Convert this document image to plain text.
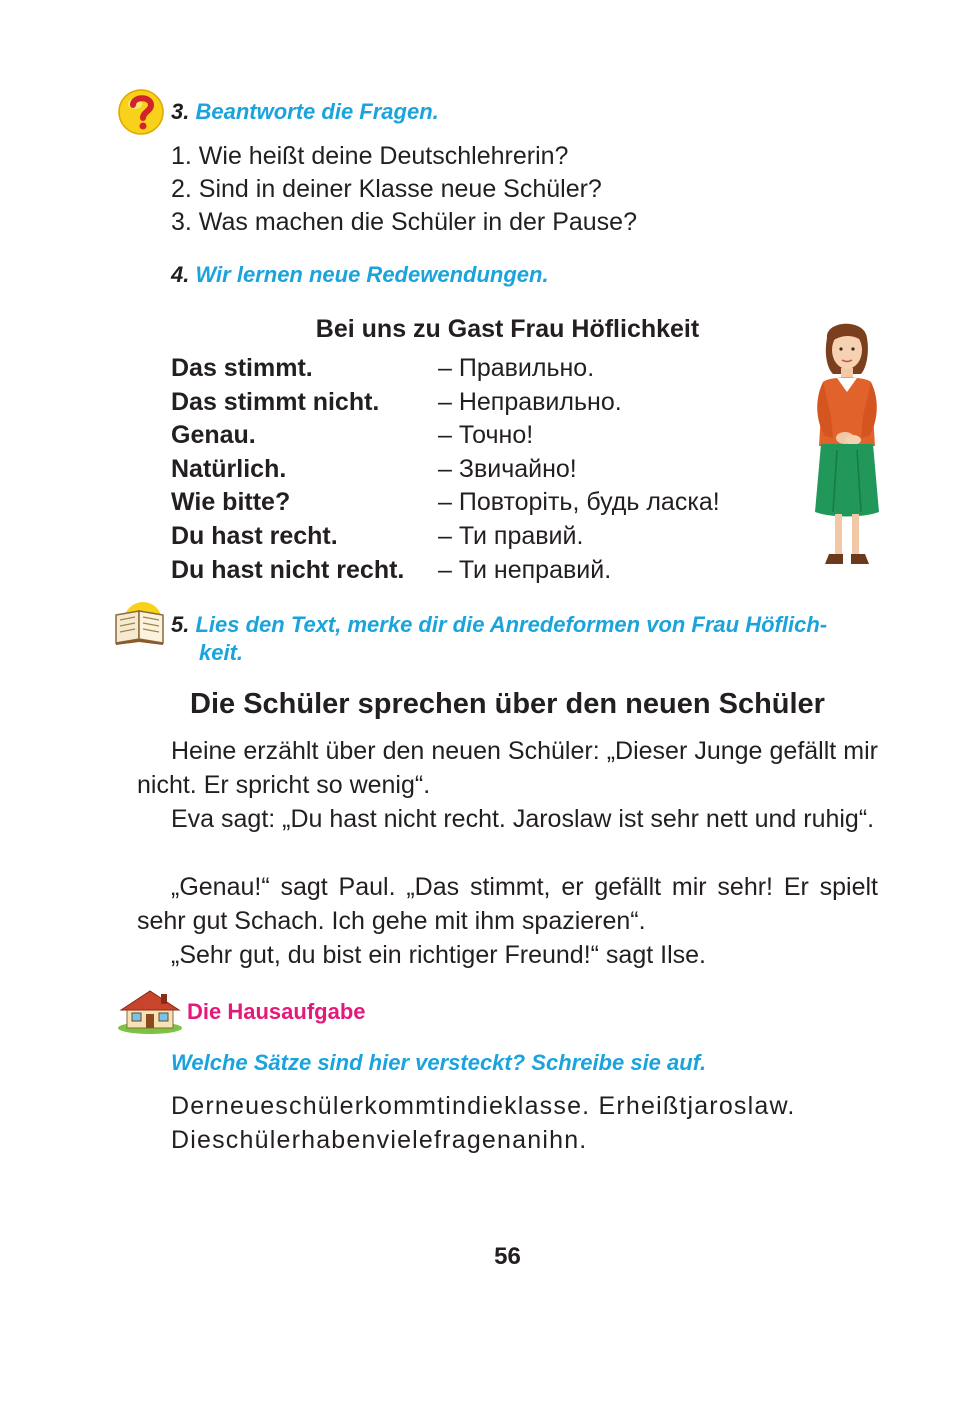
3. Beantworte die Fragen.
1. Wie heißt deine Deutschlehrerin?
2. Sind in deiner Klasse neue Schüler?
3. Was machen die Schüler in der Pause?
4. Wir lernen neue Redewendungen.
Bei uns zu Gast Frau Höflichkeit
Das stimmt.	– Правильно.
Das stimmt nicht. – Неправильно.
Genau.	– Точно!
Natürlich.	– Звичайно!
Wie bitte?	– Повторіть, будь ласка!
Du hast recht.	– Ти правий.
Du hast nicht recht. – Ти неправий.
5. Lies den Text, merke dir die Anredeformen von Frau Höflich-
keit.
Die Schüler sprechen über den neuen Schüler
Heine erzählt über den neuen Schüler: „Dieser Junge gefällt mir nicht. Er spricht so wenig“.
Eva sagt: „Du hast nicht recht. Jaroslaw ist sehr nett und ruhig“.
„Genau!“ sagt Paul. „Das stimmt, er gefällt mir sehr! Er spielt sehr gut Schach. Ich gehe mit ihm spazieren“.
„Sehr gut, du bist ein richtiger Freund!“ sagt Ilse.
Die Hausaufgabe
Welche Sätze sind hier versteckt? Schreibe sie auf.
Derneueschülerkommtindieklasse. Erheißtjaroslaw.
Dieschülerhabenvielefragenanihn.
56
